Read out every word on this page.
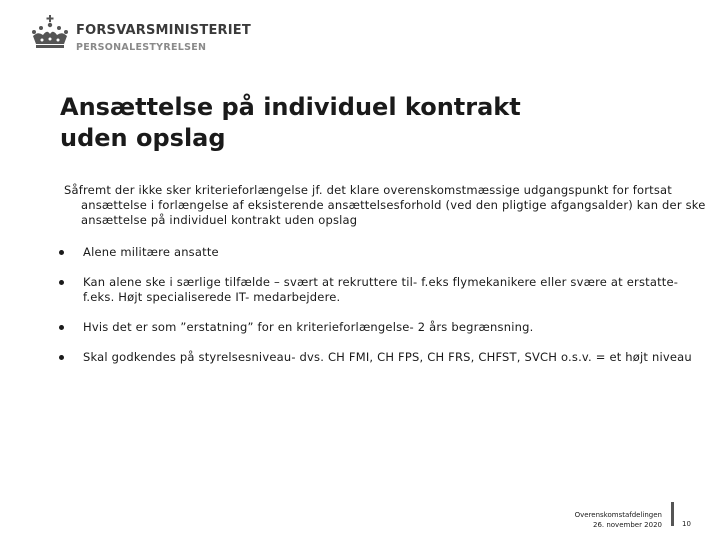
FORSVARSMINISTERIET
PERSONALESTYRELSEN
Ansættelse på individuel kontrakt
uden opslag
Såfremt der ikke sker kriterieforlængelse jf. det klare overenskomstmæssige udgangspunkt for fortsat ansættelse i forlængelse af eksisterende ansættelsesforhold (ved den pligtige afgangsalder) kan der ske ansættelse på individuel kontrakt uden opslag
Alene militære ansatte
Kan alene ske i særlige tilfælde – svært at rekruttere til- f.eks flymekanikere eller svære at erstatte- f.eks. Højt specialiserede IT- medarbejdere.
Hvis det er som ”erstatning” for en kriterieforlængelse- 2 års begrænsning.
Skal godkendes på styrelsesniveau- dvs. CH FMI, CH FPS, CH FRS, CHFST, SVCH o.s.v. = et højt niveau
Overenskomstafdelingen
26. november 2020	10
